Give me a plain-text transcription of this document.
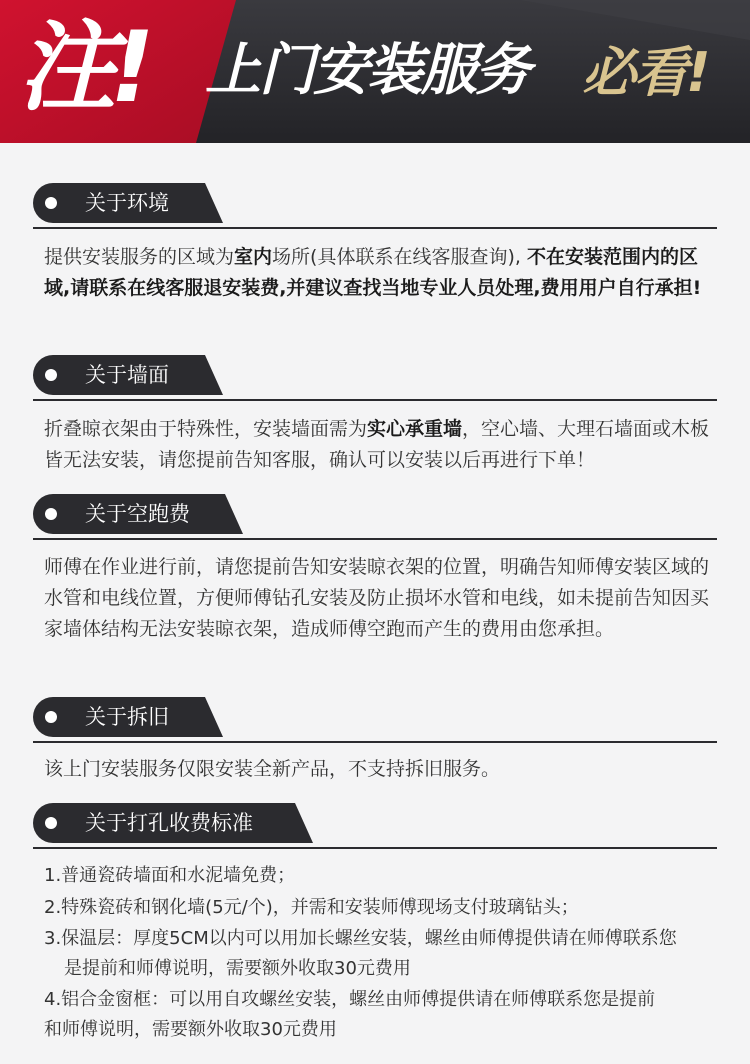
注! 上门安装服务 必看!
关于环境
提供安装服务的区域为室内场所(具体联系在线客服查询), 不在安装范围内的区域,请联系在线客服退安装费,并建议查找当地专业人员处理,费用用户自行承担!
关于墙面
折叠晾衣架由于特殊性，安装墙面需为实心承重墙，空心墙、大理石墙面或木板皆无法安装，请您提前告知客服，确认可以安装以后再进行下单！
关于空跑费
师傅在作业进行前，请您提前告知安装晾衣架的位置，明确告知师傅安装区域的水管和电线位置，方便师傅钻孔安装及防止损坏水管和电线，如未提前告知因买家墙体结构无法安装晾衣架，造成师傅空跑而产生的费用由您承担。
关于拆旧
该上门安装服务仅限安装全新产品，不支持拆旧服务。
关于打孔收费标准
1.普通瓷砖墙面和水泥墙免费；
2.特殊瓷砖和钢化墙(5元/个)，并需和安装师傅现场支付玻璃钻头；
3.保温层：厚度5CM以内可以用加长螺丝安装，螺丝由师傅提供请在师傅联系您
是提前和师傅说明，需要额外收取30元费用
4.铝合金窗框：可以用自攻螺丝安装，螺丝由师傅提供请在师傅联系您是提前
和师傅说明，需要额外收取30元费用
